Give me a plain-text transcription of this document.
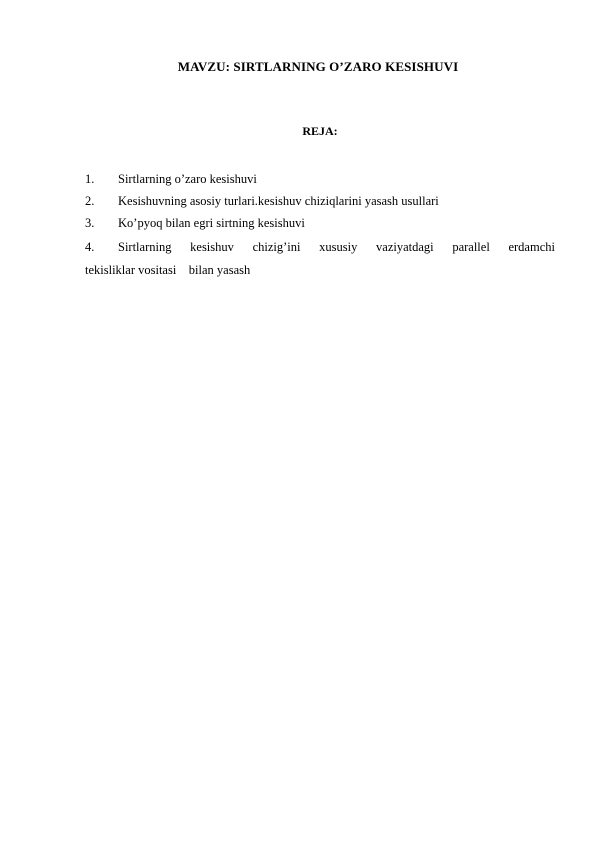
MAVZU: SIRTLARNING O’ZARO KESISHUVI
REJA:
1. Sirtlarning o’zaro kesishuvi
2. Kesishuvning asosiy turlari.kesishuv chiziqlarini yasash usullari
3. Ko’pyoq bilan egri sirtning kesishuvi
4.	Sirtlarning kesishuv chizig’ini xususiy vaziyatdagi parallel erdamchi
tekisliklar vositasi    bilan yasash
